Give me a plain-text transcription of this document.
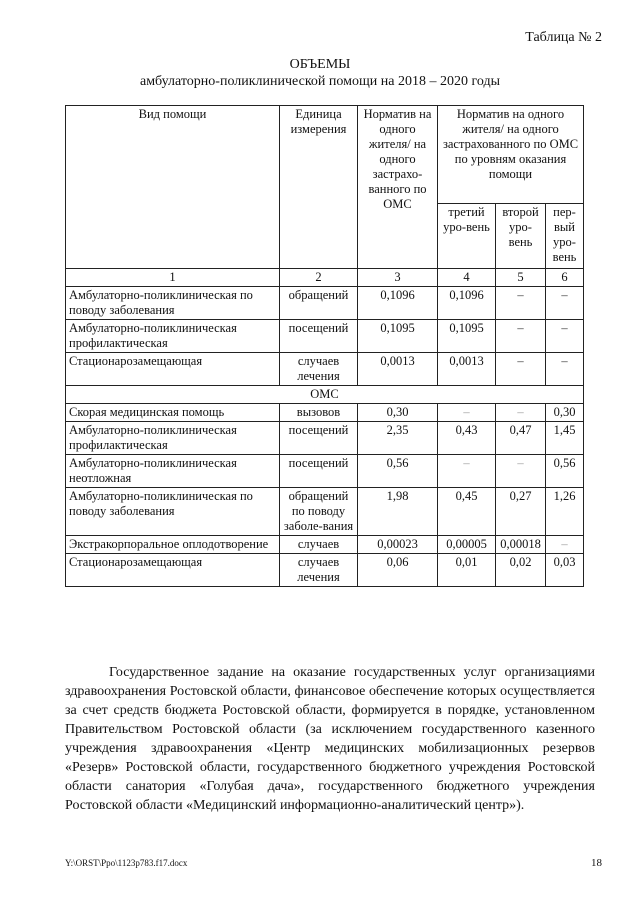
Таблица № 2
ОБЪЕМЫ
амбулаторно-поликлинической помощи на 2018 – 2020 годы
Вид помощи	Единица измерения	Норматив на одного жителя/ на одного застрахо-ванного по ОМС	Норматив на одного жителя/ на одного застрахованного по ОМС по уровням оказания помощи		
			третий уро-вень	второй уро-вень	пер-вый уро-вень
1	2	3	4	5	6
Амбулаторно-поликлиническая по поводу заболевания	обращений	0,1096	0,1096	–	–
Амбулаторно-поликлиническая профилактическая	посещений	0,1095	0,1095	–	–
Стационарозамещающая	случаев лечения	0,0013	0,0013	–	–
ОМС					
Скорая медицинская помощь	вызовов	0,30	–	–	0,30
Амбулаторно-поликлиническая профилактическая	посещений	2,35	0,43	0,47	1,45
Амбулаторно-поликлиническая неотложная	посещений	0,56	–	–	0,56
Амбулаторно-поликлиническая по поводу заболевания	обращений по поводу заболе-вания	1,98	0,45	0,27	1,26
Экстракорпоральное оплодотворение	случаев	0,00023	0,00005	0,00018	–
Стационарозамещающая	случаев лечения	0,06	0,01	0,02	0,03

Государственное задание на оказание государственных услуг организациями здравоохранения Ростовской области, финансовое обеспечение которых осуществляется за счет средств бюджета Ростовской области, формируется в порядке, установленном Правительством Ростовской области (за исключением государственного казенного учреждения здравоохранения «Центр медицинских мобилизационных резервов «Резерв» Ростовской области, государственного бюджетного учреждения Ростовской области санатория «Голубая дача», государственного бюджетного учреждения Ростовской области «Медицинский информационно-аналитический центр»).

Y:\ORST\Ppo\1123p783.f17.docx	18
